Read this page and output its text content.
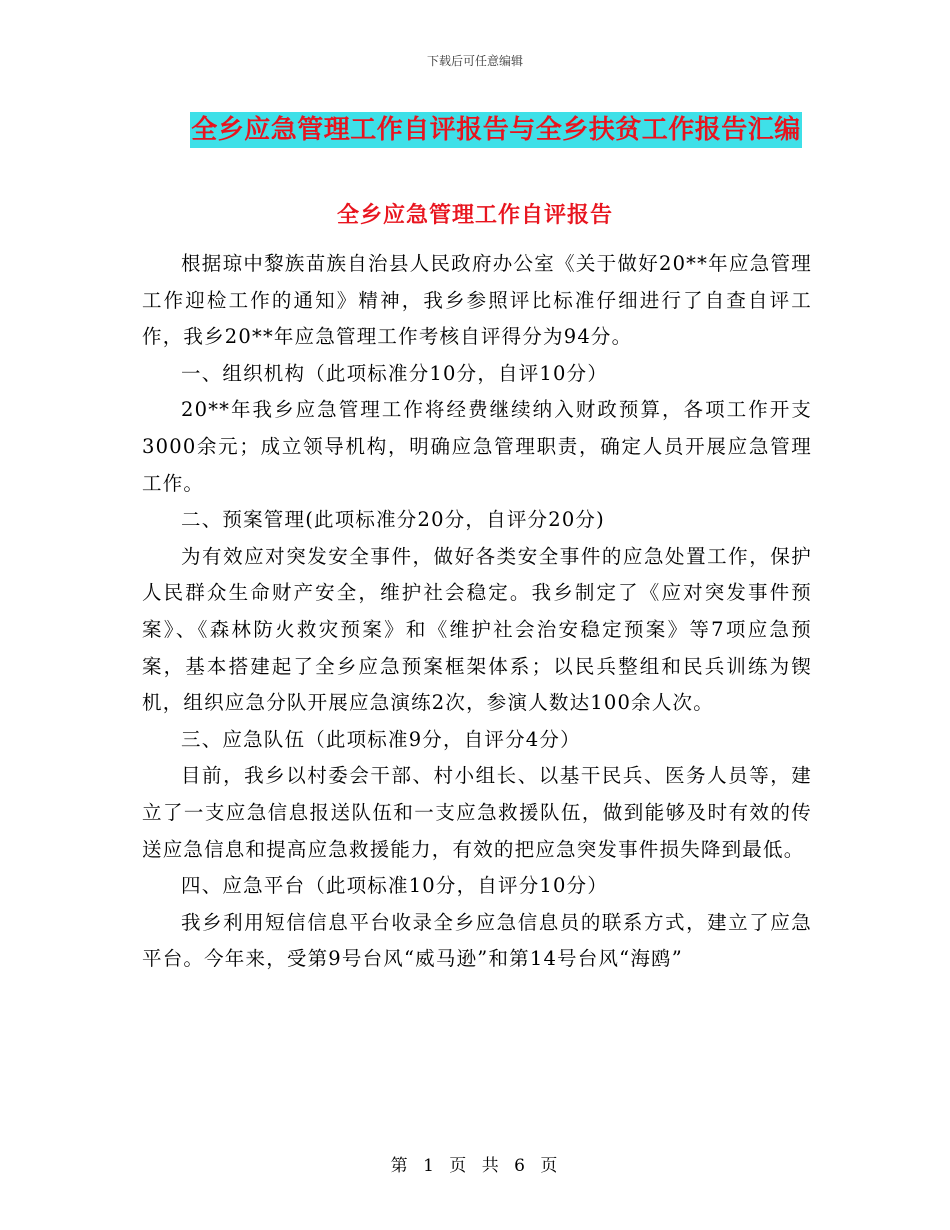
下载后可任意编辑
全乡应急管理工作自评报告与全乡扶贫工作报告汇编
全乡应急管理工作自评报告

根据琼中黎族苗族自治县人民政府办公室《关于做好20**年应急管理工作迎检工作的通知》精神，我乡参照评比标准仔细进行了自查自评工作，我乡20**年应急管理工作考核自评得分为94分。

一、组织机构（此项标准分10分，自评10分）

20**年我乡应急管理工作将经费继续纳入财政预算，各项工作开支3000余元；成立领导机构，明确应急管理职责，确定人员开展应急管理工作。

二、预案管理(此项标准分20分，自评分20分)

为有效应对突发安全事件，做好各类安全事件的应急处置工作，保护人民群众生命财产安全，维护社会稳定。我乡制定了《应对突发事件预案》、《森林防火救灾预案》和《维护社会治安稳定预案》等7项应急预案，基本搭建起了全乡应急预案框架体系；以民兵整组和民兵训练为锲机，组织应急分队开展应急演练2次，参演人数达100余人次。

三、应急队伍（此项标准9分，自评分4分）

目前，我乡以村委会干部、村小组长、以基干民兵、医务人员等，建立了一支应急信息报送队伍和一支应急救援队伍，做到能够及时有效的传送应急信息和提高应急救援能力，有效的把应急突发事件损失降到最低。

四、应急平台（此项标准10分，自评分10分）

我乡利用短信信息平台收录全乡应急信息员的联系方式，建立了应急平台。今年来，受第9号台风“威马逊”和第14号台风“海鸥”

第 1 页 共 6 页
